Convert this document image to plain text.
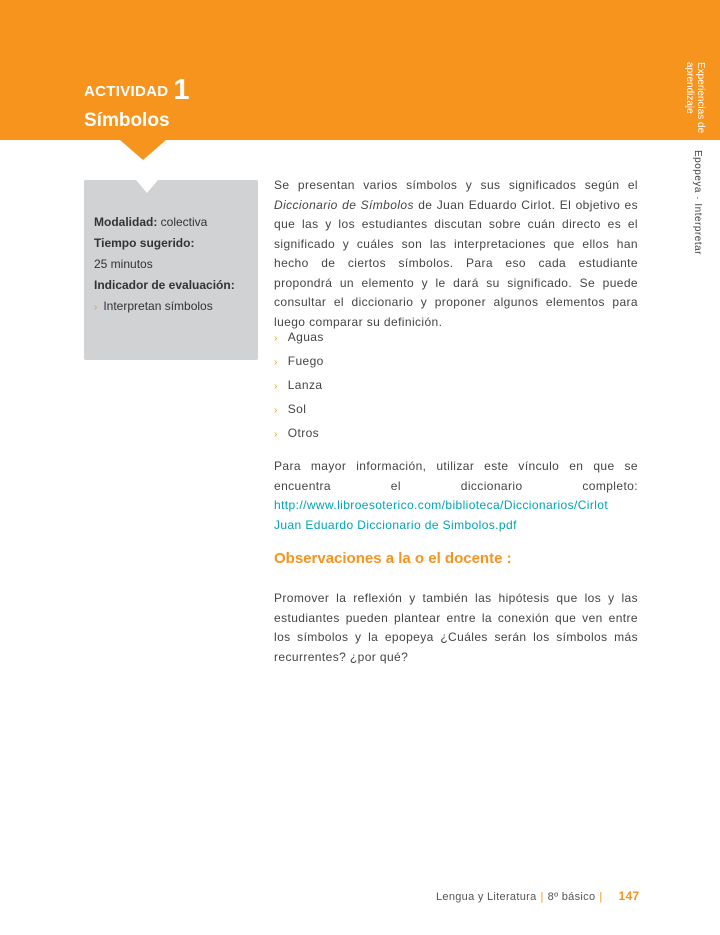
ACTIVIDAD 1
Símbolos	Experiencias de aprendizaje
Epopeya · Interpretar
Modalidad: colectiva
Tiempo sugerido:
25 minutos
Indicador de evaluación:
› Interpretan símbolos
Se presentan varios símbolos y sus significados según el Diccionario de Símbolos de Juan Eduardo Cirlot. El objetivo es que las y los estudiantes discutan sobre cuán directo es el significado y cuáles son las interpretaciones que ellos han hecho de ciertos símbolos. Para eso cada estudiante propondrá un elemento y le dará su significado. Se puede consultar el diccionario y proponer algunos elementos para luego comparar su definición.
› Aguas
› Fuego
› Lanza
› Sol
› Otros
Para mayor información, utilizar este vínculo en que se encuentra el diccionario completo: http://www.libroesoterico.com/biblioteca/Diccionarios/Cirlot Juan Eduardo Diccionario de Simbolos.pdf
Observaciones a la o el docente :
Promover la reflexión y también las hipótesis que los y las estudiantes pueden plantear entre la conexión que ven entre los símbolos y la epopeya ¿Cuáles serán los símbolos más recurrentes? ¿por qué?
Lengua y Literatura | 8º básico | 147
